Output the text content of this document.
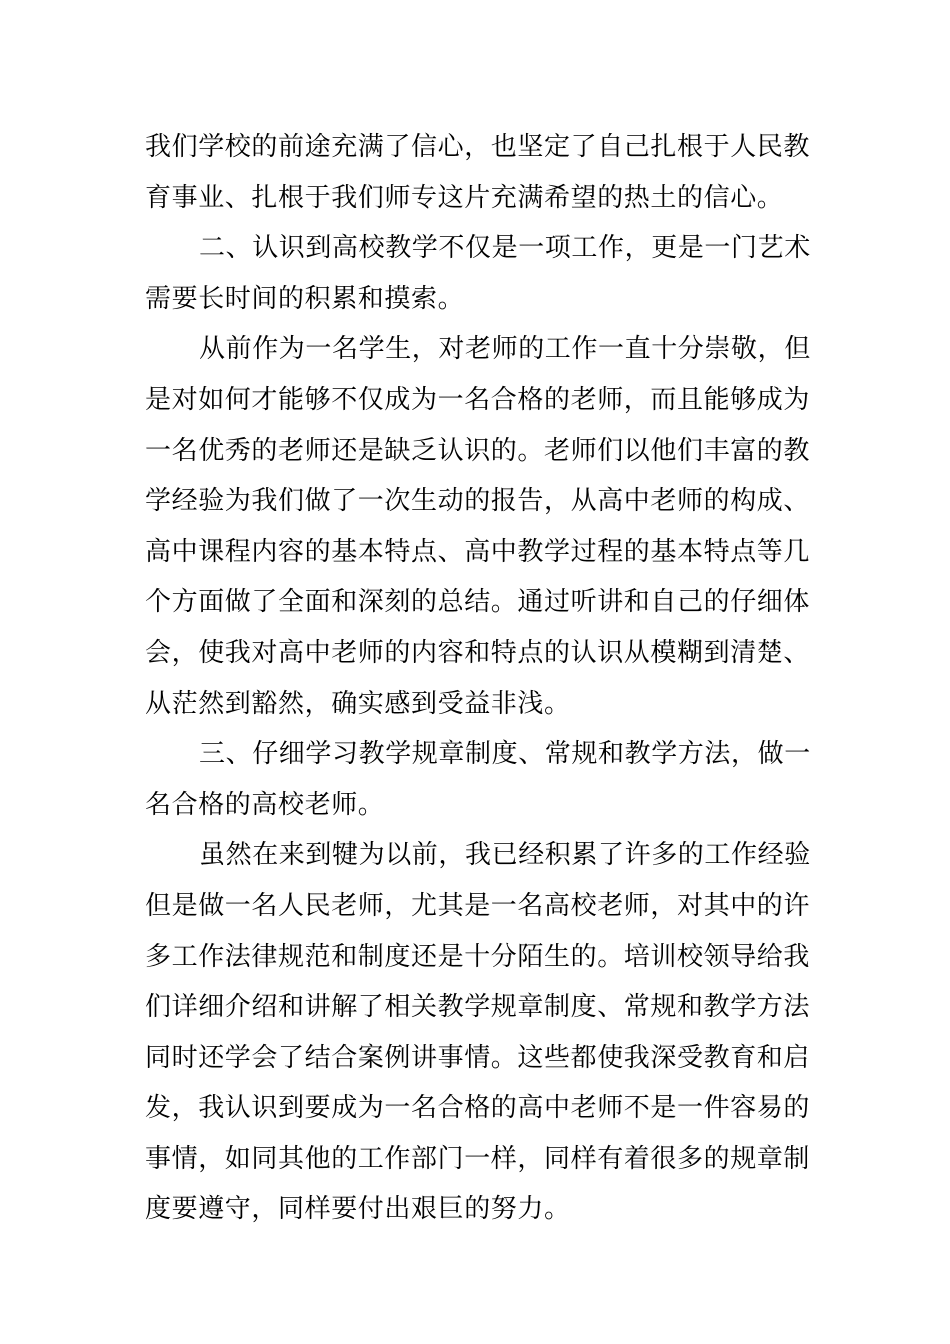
我们学校的前途充满了信心，也坚定了自己扎根于人民教
育事业、扎根于我们师专这片充满希望的热土的信心。
二、认识到高校教学不仅是一项工作，更是一门艺术
需要长时间的积累和摸索。
从前作为一名学生，对老师的工作一直十分崇敬，但
是对如何才能够不仅成为一名合格的老师，而且能够成为
一名优秀的老师还是缺乏认识的。老师们以他们丰富的教
学经验为我们做了一次生动的报告，从高中老师的构成、
高中课程内容的基本特点、高中教学过程的基本特点等几
个方面做了全面和深刻的总结。通过听讲和自己的仔细体
会，使我对高中老师的内容和特点的认识从模糊到清楚、
从茫然到豁然，确实感到受益非浅。
三、仔细学习教学规章制度、常规和教学方法，做一
名合格的高校老师。
虽然在来到犍为以前，我已经积累了许多的工作经验
但是做一名人民老师，尤其是一名高校老师，对其中的许
多工作法律规范和制度还是十分陌生的。培训校领导给我
们详细介绍和讲解了相关教学规章制度、常规和教学方法
同时还学会了结合案例讲事情。这些都使我深受教育和启
发，我认识到要成为一名合格的高中老师不是一件容易的
事情，如同其他的工作部门一样，同样有着很多的规章制
度要遵守，同样要付出艰巨的努力。
